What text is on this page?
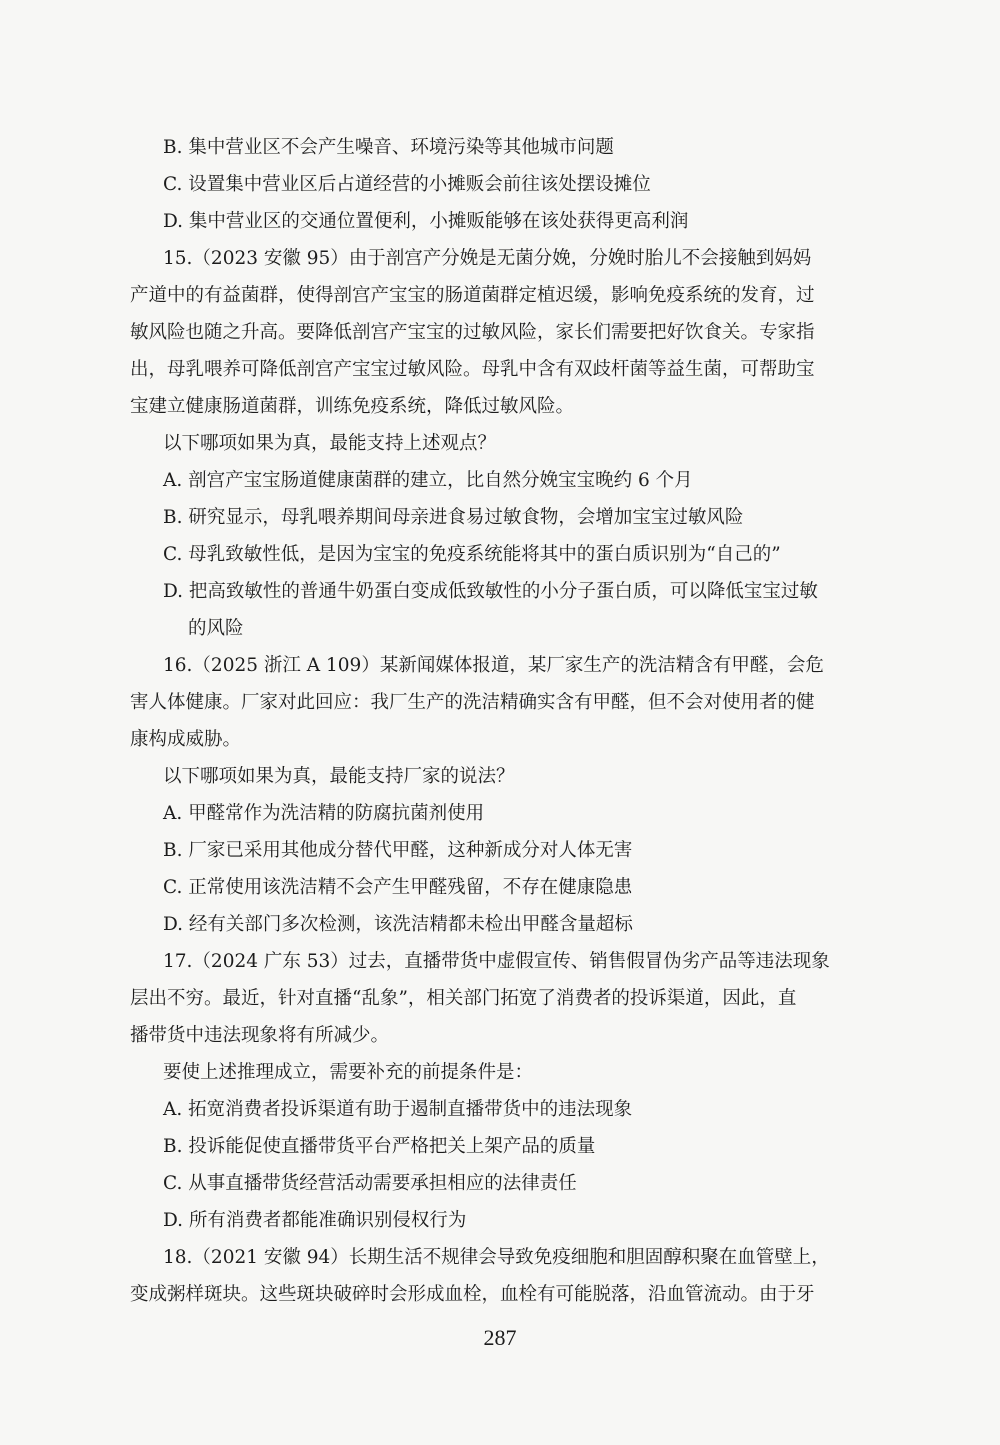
B. 集中营业区不会产生噪音、环境污染等其他城市问题
C. 设置集中营业区后占道经营的小摊贩会前往该处摆设摊位
D. 集中营业区的交通位置便利，小摊贩能够在该处获得更高利润
15.（2023 安徽 95）由于剖宫产分娩是无菌分娩，分娩时胎儿不会接触到妈妈
产道中的有益菌群，使得剖宫产宝宝的肠道菌群定植迟缓，影响免疫系统的发育，过
敏风险也随之升高。要降低剖宫产宝宝的过敏风险，家长们需要把好饮食关。专家指
出，母乳喂养可降低剖宫产宝宝过敏风险。母乳中含有双歧杆菌等益生菌，可帮助宝
宝建立健康肠道菌群，训练免疫系统，降低过敏风险。
以下哪项如果为真，最能支持上述观点？
A. 剖宫产宝宝肠道健康菌群的建立，比自然分娩宝宝晚约 6 个月
B. 研究显示，母乳喂养期间母亲进食易过敏食物，会增加宝宝过敏风险
C. 母乳致敏性低，是因为宝宝的免疫系统能将其中的蛋白质识别为“自己的”
D. 把高致敏性的普通牛奶蛋白变成低致敏性的小分子蛋白质，可以降低宝宝过敏
的风险
16.（2025 浙江 A 109）某新闻媒体报道，某厂家生产的洗洁精含有甲醛，会危
害人体健康。厂家对此回应：我厂生产的洗洁精确实含有甲醛，但不会对使用者的健
康构成威胁。
以下哪项如果为真，最能支持厂家的说法？
A. 甲醛常作为洗洁精的防腐抗菌剂使用
B. 厂家已采用其他成分替代甲醛，这种新成分对人体无害
C. 正常使用该洗洁精不会产生甲醛残留，不存在健康隐患
D. 经有关部门多次检测，该洗洁精都未检出甲醛含量超标
17.（2024 广东 53）过去，直播带货中虚假宣传、销售假冒伪劣产品等违法现象
层出不穷。最近，针对直播“乱象”，相关部门拓宽了消费者的投诉渠道，因此，直
播带货中违法现象将有所减少。
要使上述推理成立，需要补充的前提条件是：
A. 拓宽消费者投诉渠道有助于遏制直播带货中的违法现象
B. 投诉能促使直播带货平台严格把关上架产品的质量
C. 从事直播带货经营活动需要承担相应的法律责任
D. 所有消费者都能准确识别侵权行为
18.（2021 安徽 94）长期生活不规律会导致免疫细胞和胆固醇积聚在血管壁上，
变成粥样斑块。这些斑块破碎时会形成血栓，血栓有可能脱落，沿血管流动。由于牙
287
